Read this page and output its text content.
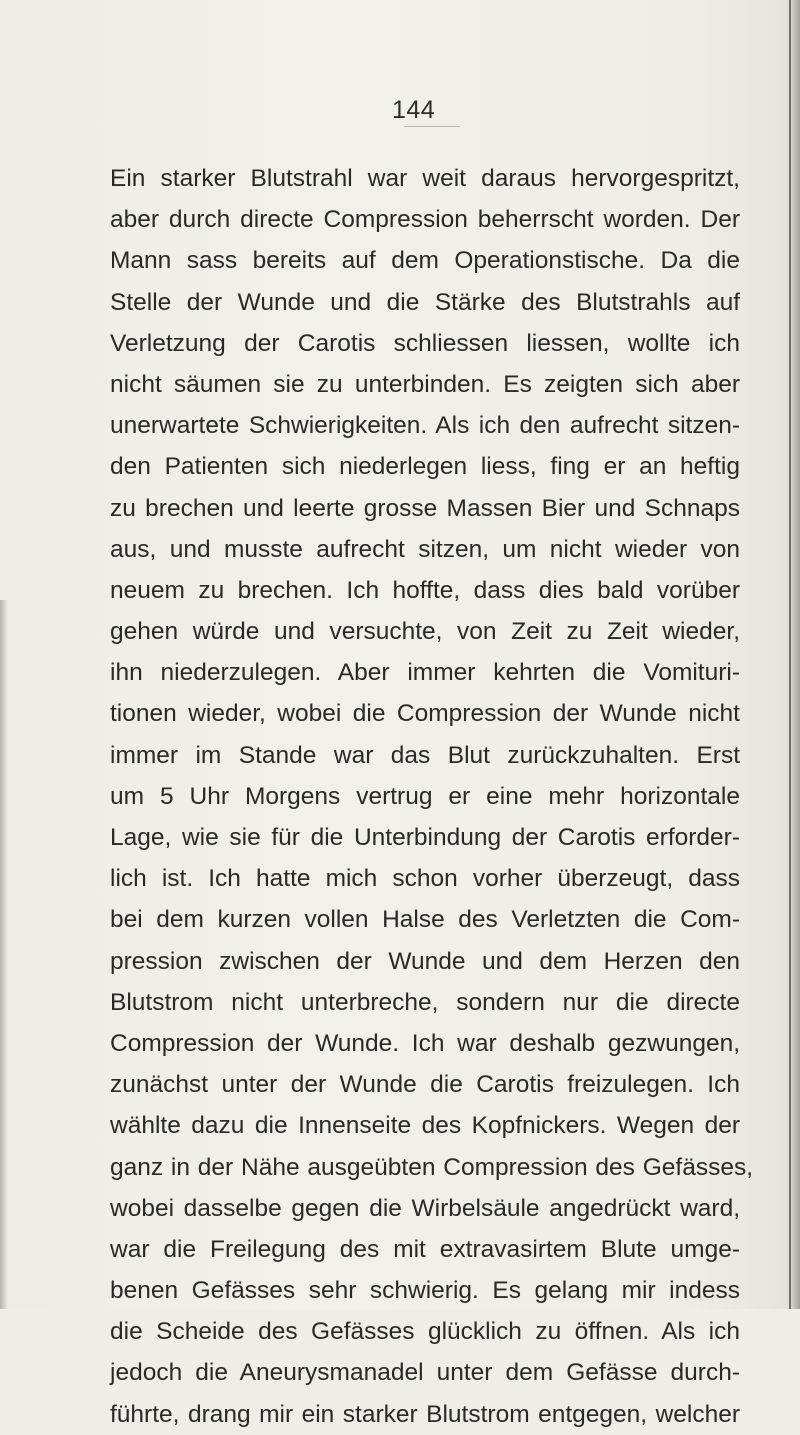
144
Ein starker Blutstrahl war weit daraus hervorgespritzt,
aber durch directe Compression beherrscht worden. Der
Mann sass bereits auf dem Operationstische. Da die
Stelle der Wunde und die Stärke des Blutstrahls auf
Verletzung der Carotis schliessen liessen, wollte ich
nicht säumen sie zu unterbinden. Es zeigten sich aber
unerwartete Schwierigkeiten. Als ich den aufrecht sitzen-
den Patienten sich niederlegen liess, fing er an heftig
zu brechen und leerte grosse Massen Bier und Schnaps
aus, und musste aufrecht sitzen, um nicht wieder von
neuem zu brechen. Ich hoffte, dass dies bald vorüber
gehen würde und versuchte, von Zeit zu Zeit wieder,
ihn niederzulegen. Aber immer kehrten die Vomituri-
tionen wieder, wobei die Compression der Wunde nicht
immer im Stande war das Blut zurückzuhalten. Erst
um 5 Uhr Morgens vertrug er eine mehr horizontale
Lage, wie sie für die Unterbindung der Carotis erforder-
lich ist. Ich hatte mich schon vorher überzeugt, dass
bei dem kurzen vollen Halse des Verletzten die Com-
pression zwischen der Wunde und dem Herzen den
Blutstrom nicht unterbreche, sondern nur die directe
Compression der Wunde. Ich war deshalb gezwungen,
zunächst unter der Wunde die Carotis freizulegen. Ich
wählte dazu die Innenseite des Kopfnickers. Wegen der
ganz in der Nähe ausgeübten Compression des Gefässes,
wobei dasselbe gegen die Wirbelsäule angedrückt ward,
war die Freilegung des mit extravasirtem Blute umge-
benen Gefässes sehr schwierig. Es gelang mir indess
die Scheide des Gefässes glücklich zu öffnen. Als ich
jedoch die Aneurysmanadel unter dem Gefässe durch-
führte, drang mir ein starker Blutstrom entgegen, welcher
